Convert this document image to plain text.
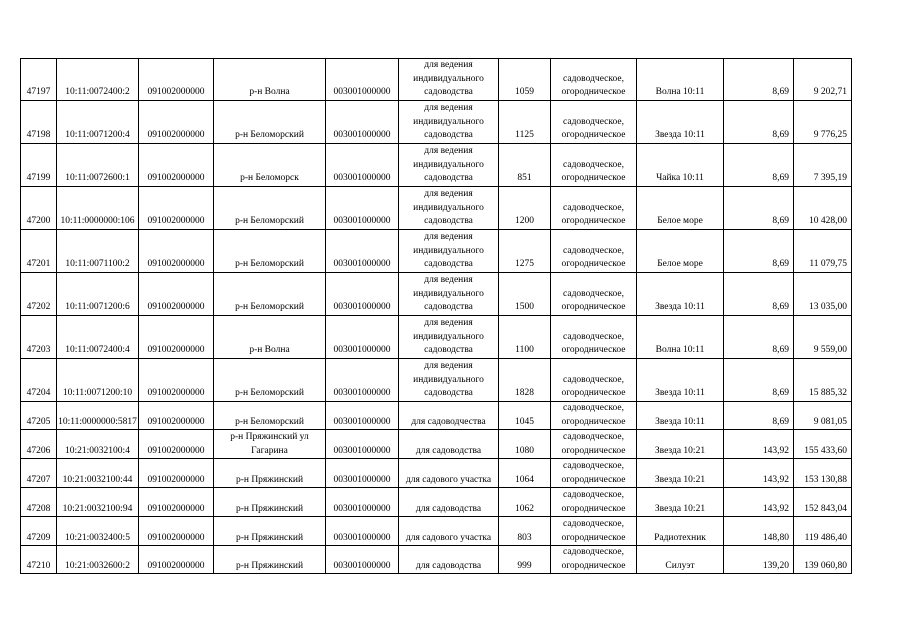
47197	10:11:0072400:2	091002000000	р-н Волна	003001000000	для ведения
индивидуального
садоводства	1059	садоводческое,
огородническое	Волна 10:11	8,69	9 202,71
47198	10:11:0071200:4	091002000000	р-н Беломорский	003001000000	для ведения
индивидуального
садоводства	1125	садоводческое,
огородническое	Звезда 10:11	8,69	9 776,25
47199	10:11:0072600:1	091002000000	р-н Беломорск	003001000000	для ведения
индивидуального
садоводства	851	садоводческое,
огородническое	Чайка 10:11	8,69	7 395,19
47200	10:11:0000000:106	091002000000	р-н Беломорский	003001000000	для ведения
индивидуального
садоводства	1200	садоводческое,
огородническое	Белое море	8,69	10 428,00
47201	10:11:0071100:2	091002000000	р-н Беломорский	003001000000	для ведения
индивидуального
садоводства	1275	садоводческое,
огородническое	Белое море	8,69	11 079,75
47202	10:11:0071200:6	091002000000	р-н Беломорский	003001000000	для ведения
индивидуального
садоводства	1500	садоводческое,
огородническое	Звезда 10:11	8,69	13 035,00
47203	10:11:0072400:4	091002000000	р-н Волна	003001000000	для ведения
индивидуального
садоводства	1100	садоводческое,
огородническое	Волна 10:11	8,69	9 559,00
47204	10:11:0071200:10	091002000000	р-н Беломорский	003001000000	для ведения
индивидуального
садоводства	1828	садоводческое,
огородническое	Звезда 10:11	8,69	15 885,32
47205	10:11:0000000:5817	091002000000	р-н Беломорский	003001000000	для садоводчества	1045	садоводческое,
огородническое	Звезда 10:11	8,69	9 081,05
47206	10:21:0032100:4	091002000000	р-н Пряжинский ул
Гагарина	003001000000	для садоводства	1080	садоводческое,
огородническое	Звезда 10:21	143,92	155 433,60
47207	10:21:0032100:44	091002000000	р-н Пряжинский	003001000000	для садового участка	1064	садоводческое,
огородническое	Звезда 10:21	143,92	153 130,88
47208	10:21:0032100:94	091002000000	р-н Пряжинский	003001000000	для садоводства	1062	садоводческое,
огородническое	Звезда 10:21	143,92	152 843,04
47209	10:21:0032400:5	091002000000	р-н Пряжинский	003001000000	для садового участка	803	садоводческое,
огородническое	Радиотехник	148,80	119 486,40
47210	10:21:0032600:2	091002000000	р-н Пряжинский	003001000000	для садоводства	999	садоводческое,
огородническое	Силуэт	139,20	139 060,80
